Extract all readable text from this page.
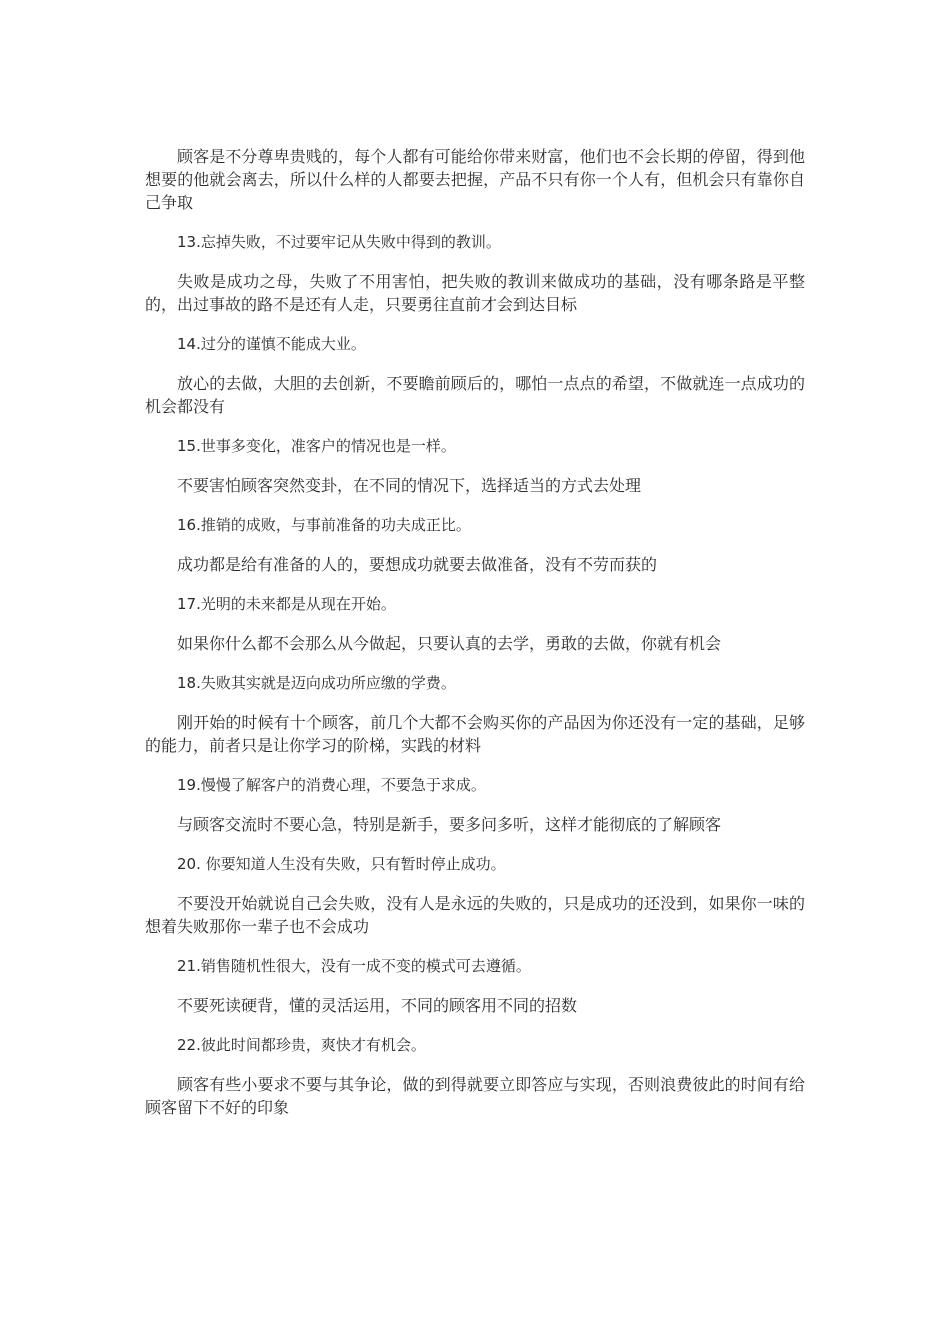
顾客是不分尊卑贵贱的，每个人都有可能给你带来财富，他们也不会长期的停留，得到他想要的他就会离去，所以什么样的人都要去把握，产品不只有你一个人有，但机会只有靠你自己争取

13.忘掉失败，不过要牢记从失败中得到的教训。

失败是成功之母，失败了不用害怕，把失败的教训来做成功的基础，没有哪条路是平整的，出过事故的路不是还有人走，只要勇往直前才会到达目标

14.过分的谨慎不能成大业。

放心的去做，大胆的去创新，不要瞻前顾后的，哪怕一点点的希望，不做就连一点成功的机会都没有

15.世事多变化，准客户的情况也是一样。

不要害怕顾客突然变卦，在不同的情况下，选择适当的方式去处理

16.推销的成败，与事前准备的功夫成正比。

成功都是给有准备的人的，要想成功就要去做准备，没有不劳而获的

17.光明的未来都是从现在开始。

如果你什么都不会那么从今做起，只要认真的去学，勇敢的去做，你就有机会

18.失败其实就是迈向成功所应缴的学费。

刚开始的时候有十个顾客，前几个大都不会购买你的产品因为你还没有一定的基础，足够的能力，前者只是让你学习的阶梯，实践的材料

19.慢慢了解客户的消费心理，不要急于求成。

与顾客交流时不要心急，特别是新手，要多问多听，这样才能彻底的了解顾客

20. 你要知道人生没有失败，只有暂时停止成功。

不要没开始就说自己会失败，没有人是永远的失败的，只是成功的还没到，如果你一味的想着失败那你一辈子也不会成功

21.销售随机性很大，没有一成不变的模式可去遵循。

不要死读硬背，懂的灵活运用，不同的顾客用不同的招数

22.彼此时间都珍贵，爽快才有机会。

顾客有些小要求不要与其争论，做的到得就要立即答应与实现，否则浪费彼此的时间有给顾客留下不好的印象
